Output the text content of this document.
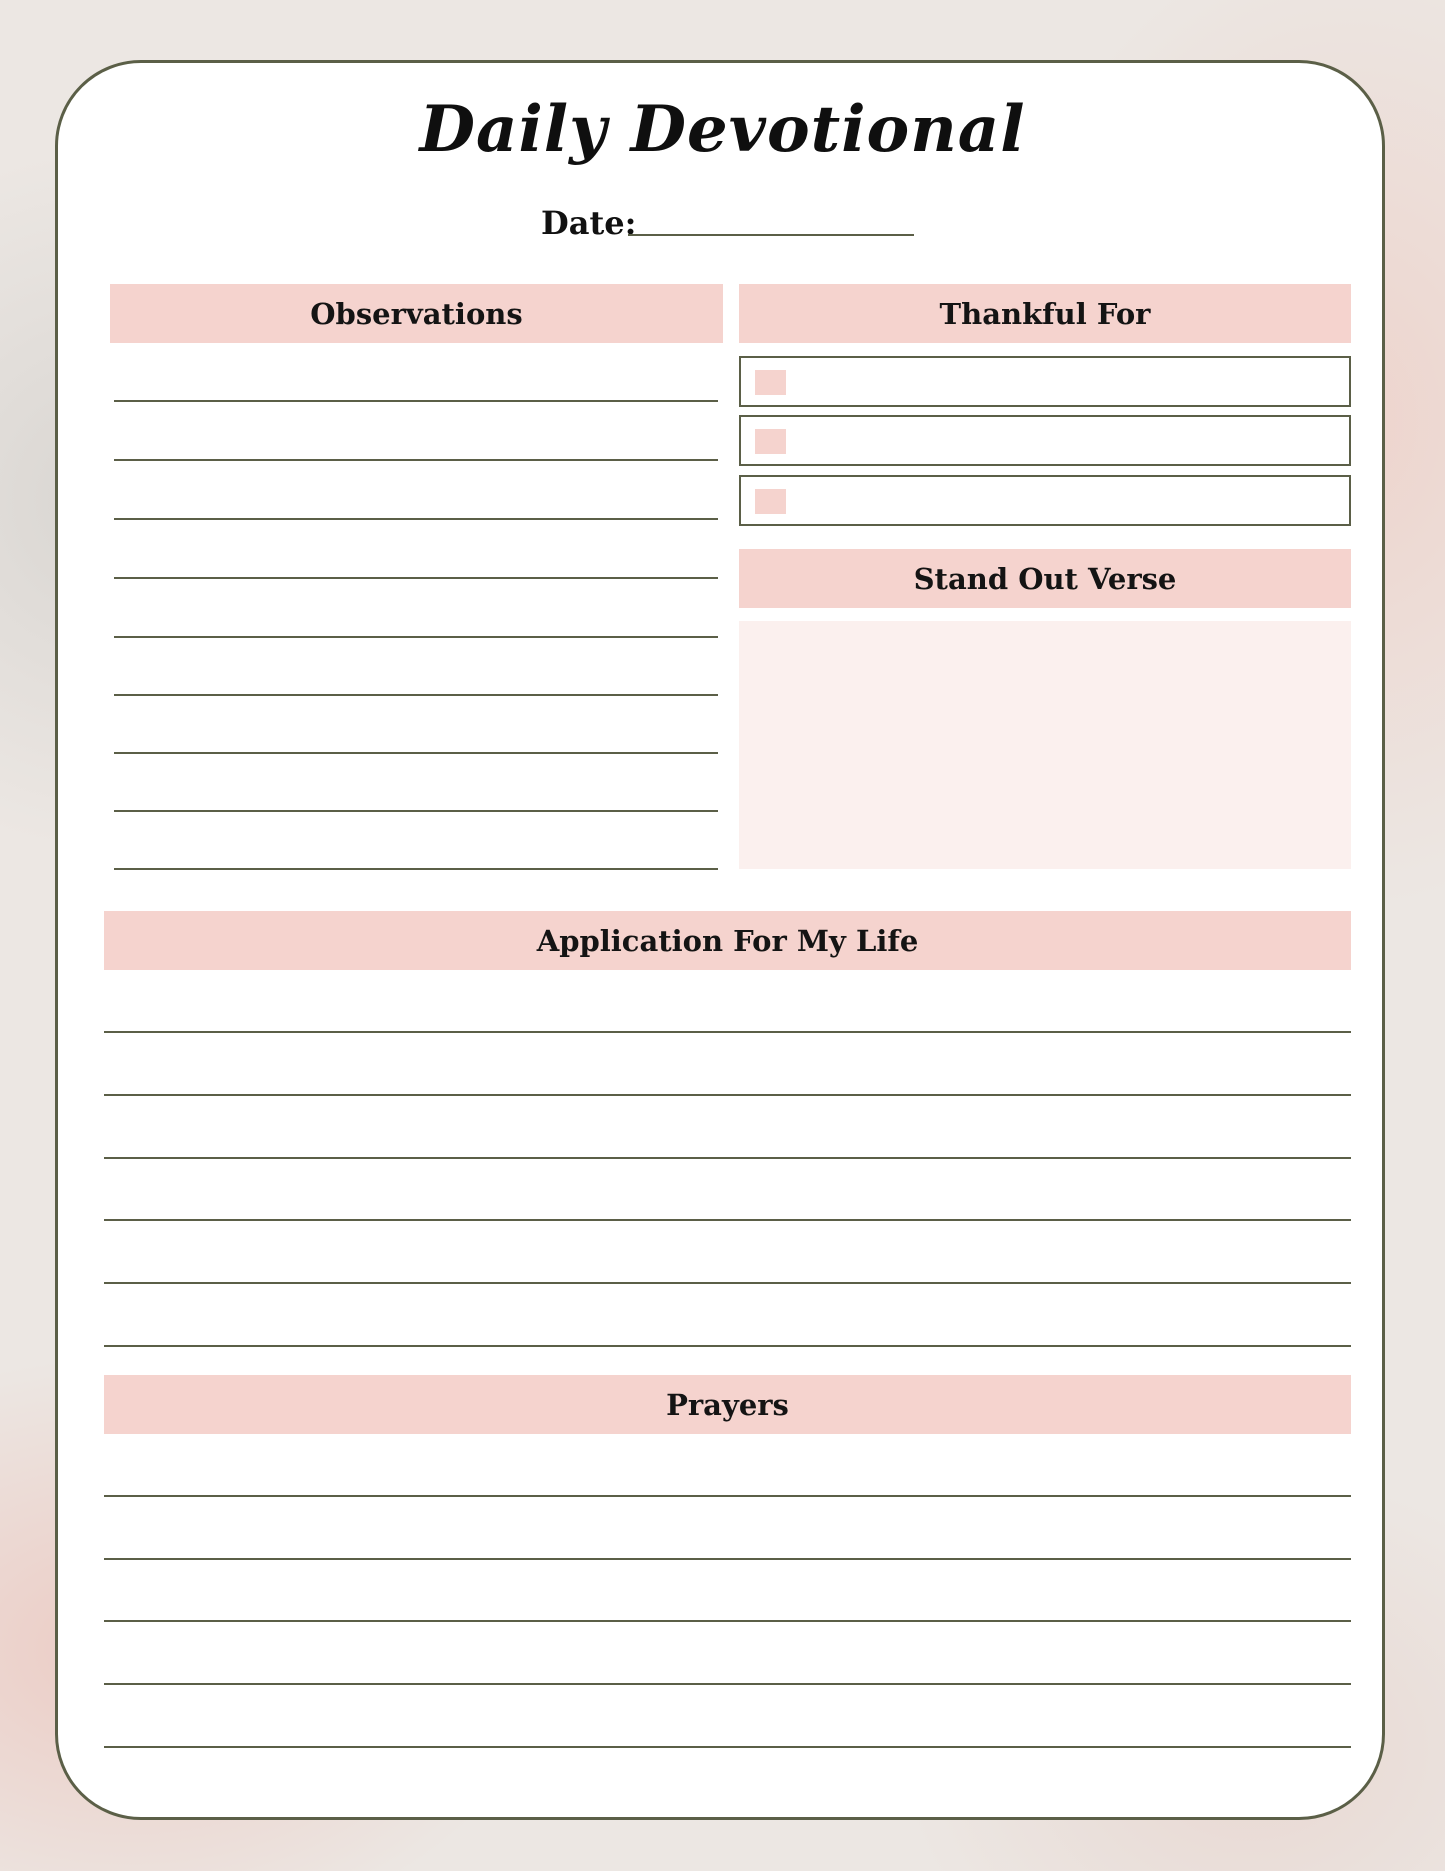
Daily Devotional
Date:
Observations	Thankful For
Stand Out Verse
Application For My Life
Prayers
